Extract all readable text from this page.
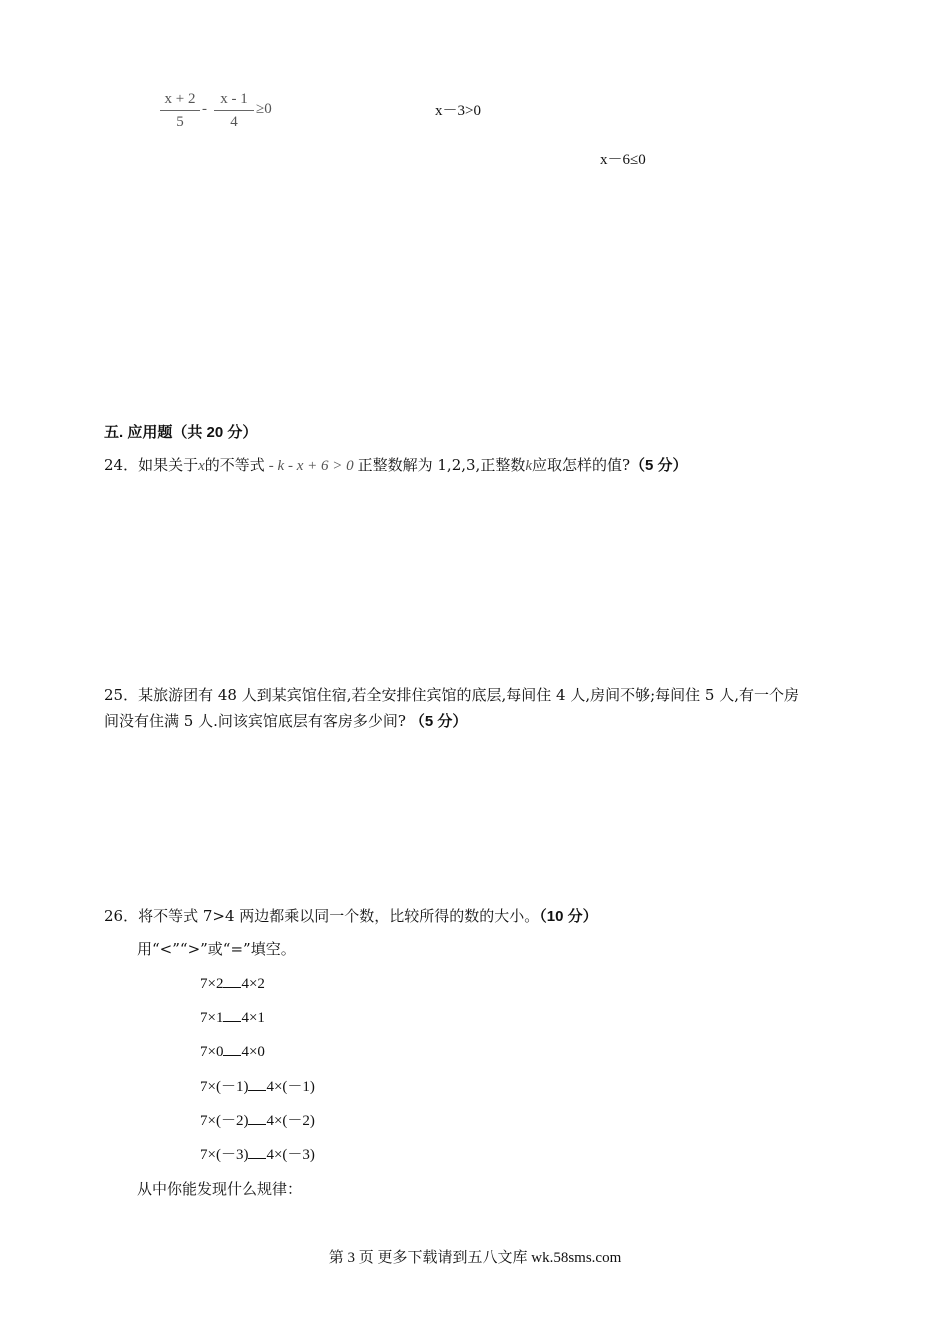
x + 2
5
-
x - 1
4
≥0	x－3>0
x－6≤0
五. 应用题（共 20 分）
24．如果关于x的不等式 - k - x + 6 > 0 正整数解为 1,2,3,正整数k应取怎样的值?（5 分）
25．某旅游团有 48 人到某宾馆住宿,若全安排住宾馆的底层,每间住 4 人,房间不够;每间住 5 人,有一个房
间没有住满 5 人.问该宾馆底层有客房多少间? （5 分）
26．将不等式 7>4 两边都乘以同一个数，比较所得的数的大小。（10 分）
用“<”“>”或“=”填空。
7×2 4×2
7×1 4×1
7×0 4×0
7×(－1) 4×(－1)
7×(－2) 4×(－2)
7×(－3) 4×(－3)
从中你能发现什么规律：
第 3 页 更多下载请到五八文库 wk.58sms.com
